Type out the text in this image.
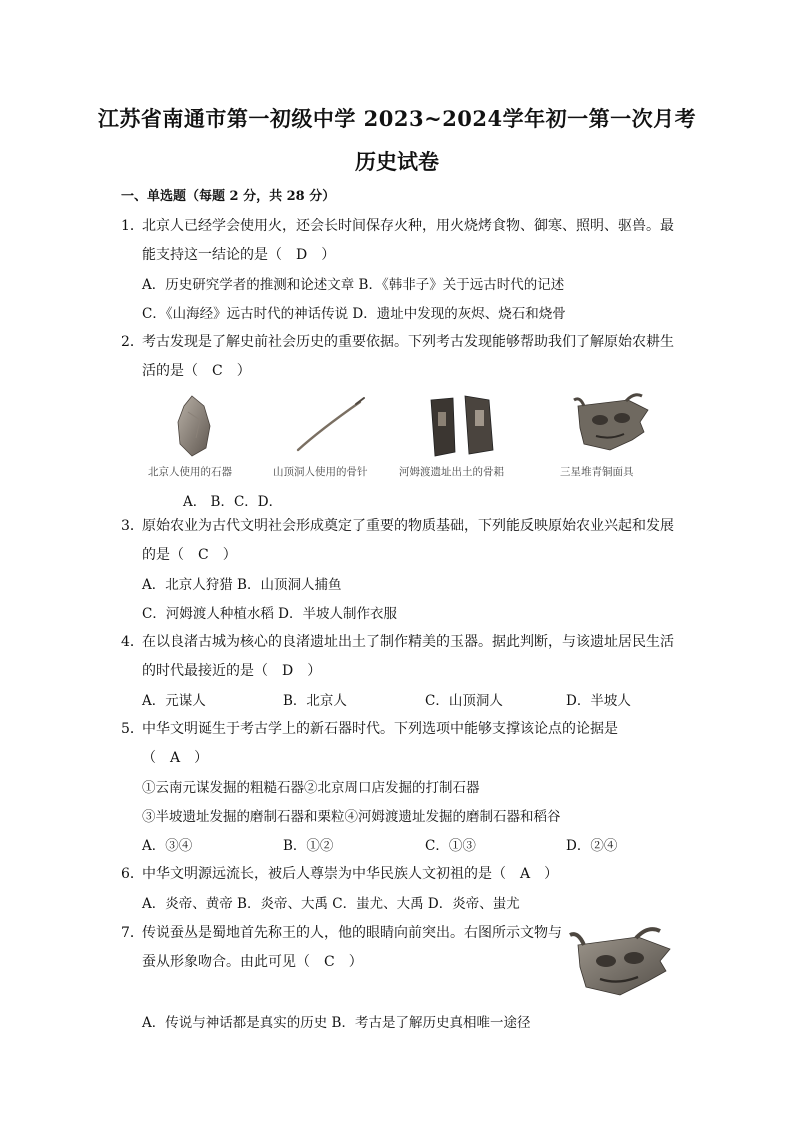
江苏省南通市第一初级中学 2023~2024学年初一第一次月考
历史试卷
一、单选题（每题 2 分，共 28 分）
1．
北京人已经学会使用火，还会长时间保存火种，用火烧烤食物、御寒、照明、驱兽。最
能支持这一结论的是（　D　）
A．历史研究学者的推测和论述文章 B．《韩非子》关于远古时代的记述
C．《山海经》远古时代的神话传说 D．遗址中发现的灰烬、烧石和烧骨
2．
考古发现是了解史前社会历史的重要依据。下列考古发现能够帮助我们了解原始农耕生
活的是（　C　）
北京人使用的石器	山顶洞人使用的骨针	河姆渡遗址出土的骨耜	三星堆青铜面具
A． B．C．D．
3．
原始农业为古代文明社会形成奠定了重要的物质基础，下列能反映原始农业兴起和发展
的是（　C　）
A．北京人狩猎 B．山顶洞人捕鱼
C．河姆渡人种植水稻 D．半坡人制作衣服
4．
在以良渚古城为核心的良渚遗址出土了制作精美的玉器。据此判断，与该遗址居民生活
的时代最接近的是（　D　）
A．元谋人	B．北京人	C．山顶洞人	D．半坡人
5．
中华文明诞生于考古学上的新石器时代。下列选项中能够支撑该论点的论据是
（　A　）
①云南元谋发掘的粗糙石器②北京周口店发掘的打制石器
③半坡遗址发掘的磨制石器和栗粒④河姆渡遗址发掘的磨制石器和稻谷
A．③④	B．①②	C．①③	D．②④
6．
中华文明源远流长，被后人尊崇为中华民族人文初祖的是（　A　）
A．炎帝、黄帝 B．炎帝、大禹 C．蚩尤、大禹 D．炎帝、蚩尤
7．
传说蚕丛是蜀地首先称王的人，他的眼睛向前突出。右图所示文物与
蚕从形象吻合。由此可见（　C　）
A．传说与神话都是真实的历史 B．考古是了解历史真相唯一途径
